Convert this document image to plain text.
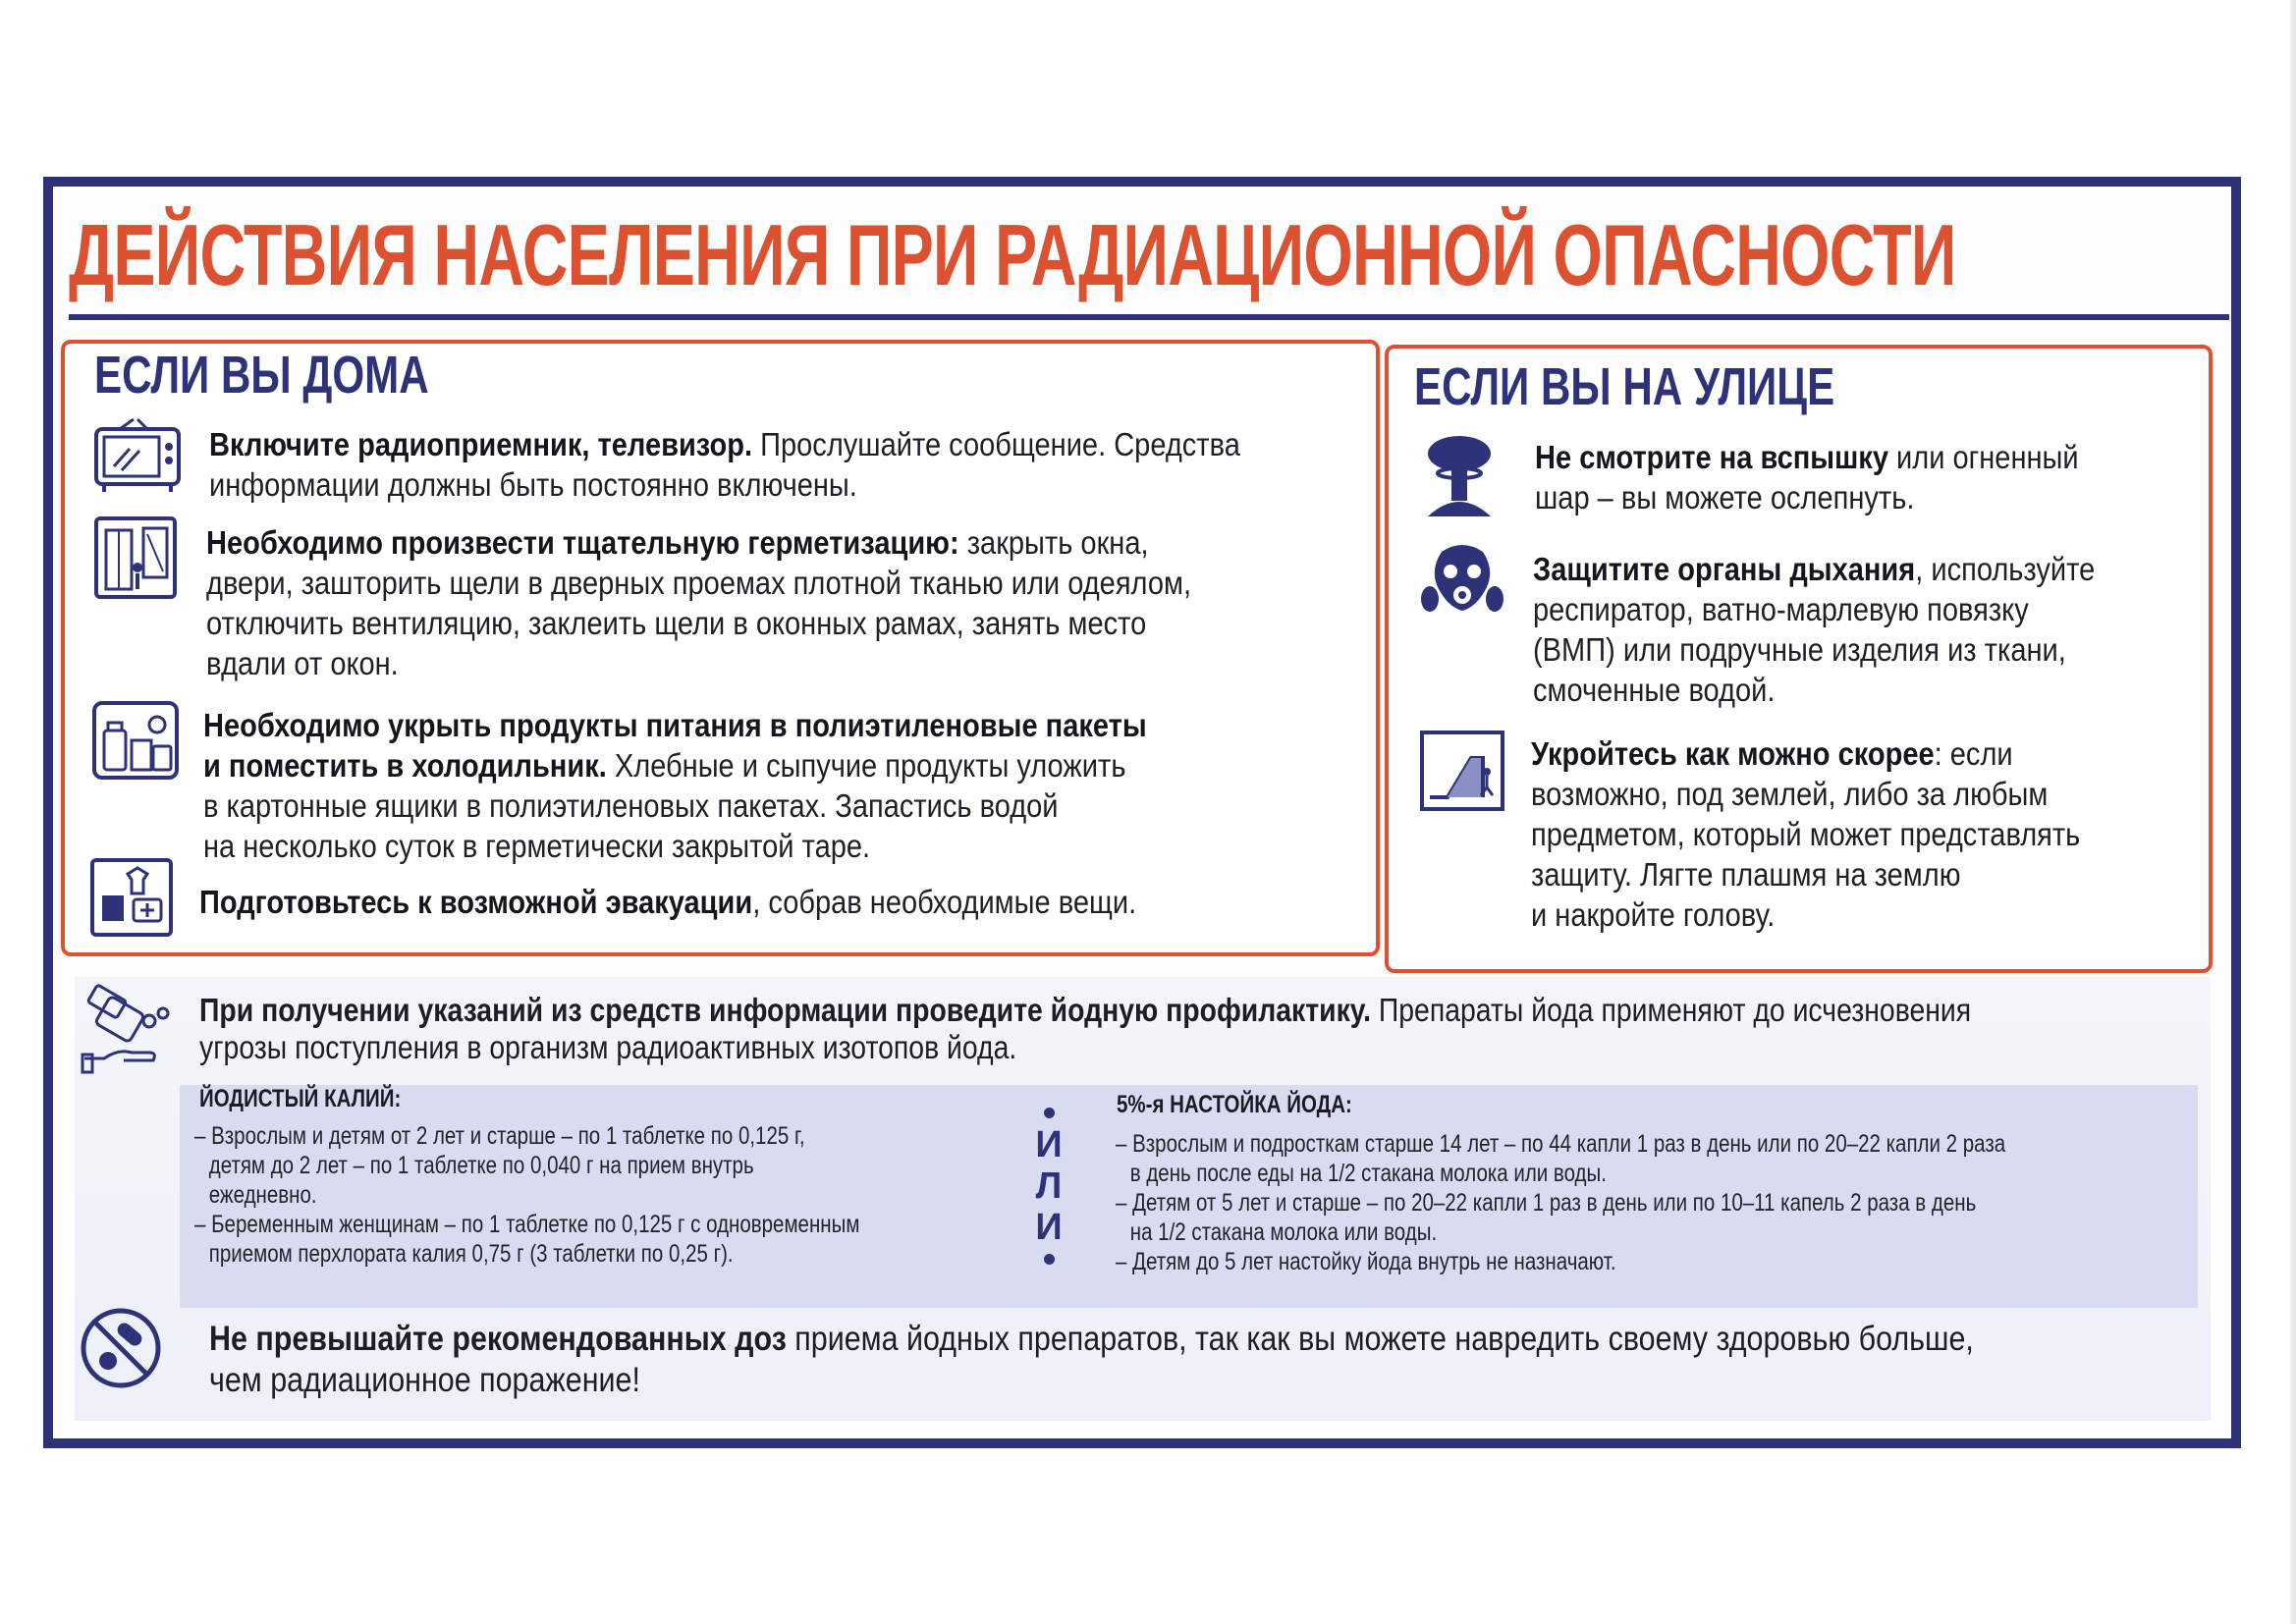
ДЕЙСТВИЯ НАСЕЛЕНИЯ ПРИ РАДИАЦИОННОЙ ОПАСНОСТИ
ЕСЛИ ВЫ ДОМА
Включите радиоприемник, телевизор. Прослушайте сообщение. Средства
информации должны быть постоянно включены.
Необходимо произвести тщательную герметизацию: закрыть окна,
двери, зашторить щели в дверных проемах плотной тканью или одеялом,
отключить вентиляцию, заклеить щели в оконных рамах, занять место
вдали от окон.
Необходимо укрыть продукты питания в полиэтиленовые пакеты
и поместить в холодильник. Хлебные и сыпучие продукты уложить
в картонные ящики в полиэтиленовых пакетах. Запастись водой
на несколько суток в герметически закрытой таре.
Подготовьтесь к возможной эвакуации, собрав необходимые вещи.
ЕСЛИ ВЫ НА УЛИЦЕ
Не смотрите на вспышку или огненный
шар – вы можете ослепнуть.
Защитите органы дыхания, используйте
респиратор, ватно-марлевую повязку
(ВМП) или подручные изделия из ткани,
смоченные водой.
Укройтесь как можно скорее: если
возможно, под землей, либо за любым
предметом, который может представлять
защиту. Лягте плашмя на землю
и накройте голову.
При получении указаний из средств информации проведите йодную профилактику. Препараты йода применяют до исчезновения
угрозы поступления в организм радиоактивных изотопов йода.
ЙОДИСТЫЙ КАЛИЙ:
– Взрослым и детям от 2 лет и старше – по 1 таблетке по 0,125 г,
детям до 2 лет – по 1 таблетке по 0,040 г на прием внутрь
ежедневно.
– Беременным женщинам – по 1 таблетке по 0,125 г с одновременным
приемом перхлората калия 0,75 г (3 таблетки по 0,25 г).
И
Л
И
5%-я НАСТОЙКА ЙОДА:
– Взрослым и подросткам старше 14 лет – по 44 капли 1 раз в день или по 20–22 капли 2 раза
в день после еды на 1/2 стакана молока или воды.
– Детям от 5 лет и старше – по 20–22 капли 1 раз в день или по 10–11 капель 2 раза в день
на 1/2 стакана молока или воды.
– Детям до 5 лет настойку йода внутрь не назначают.
Не превышайте рекомендованных доз приема йодных препаратов, так как вы можете навредить своему здоровью больше,
чем радиационное поражение!
